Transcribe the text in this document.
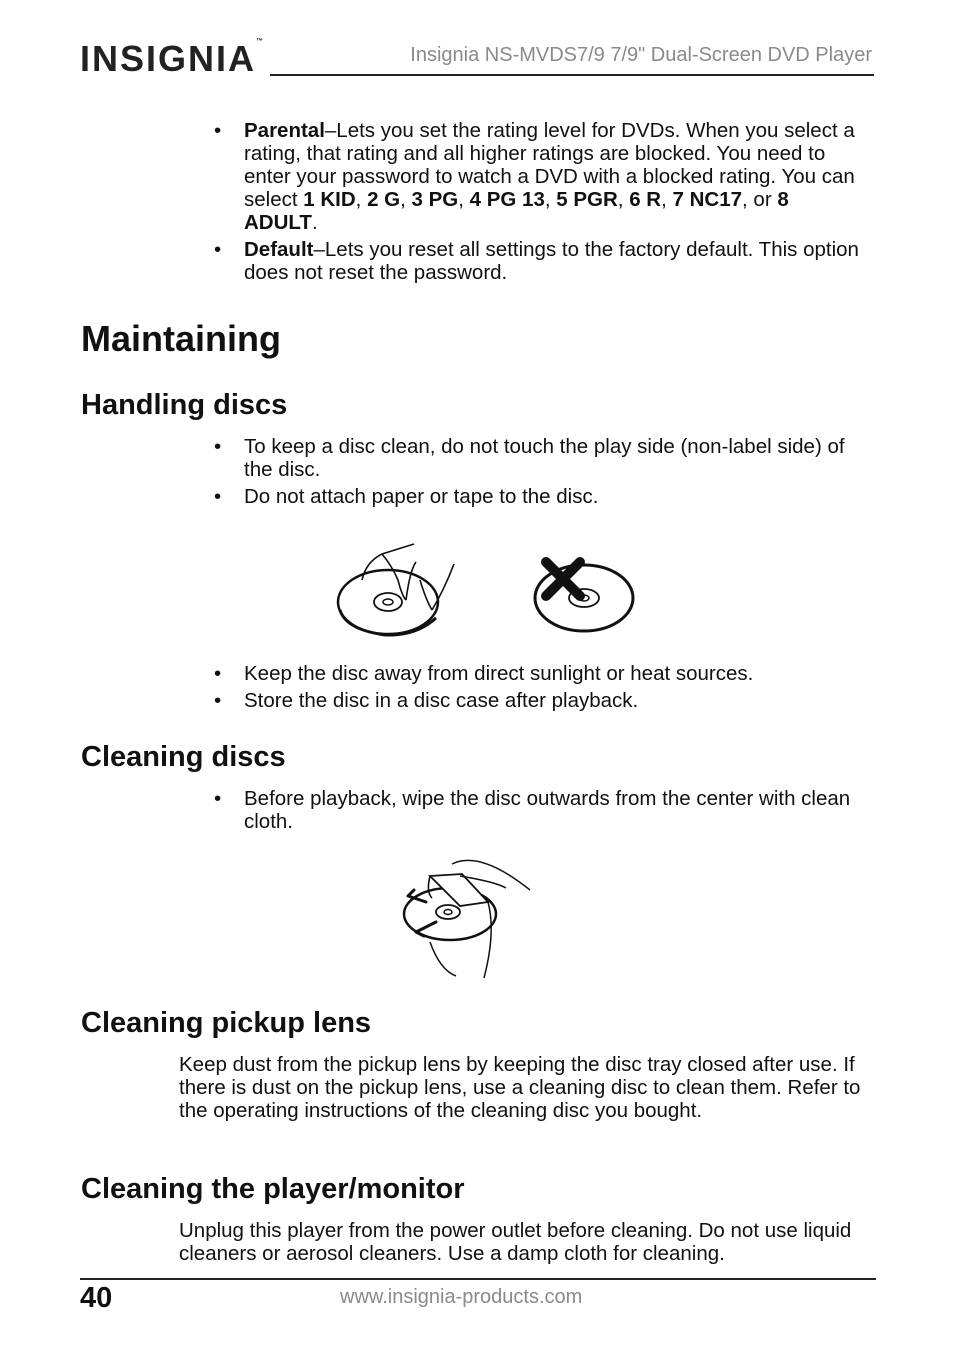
INSIGNIA™
Insignia NS-MVDS7/9 7/9" Dual-Screen DVD Player
• Parental–Lets you set the rating level for DVDs. When you select a rating, that rating and all higher ratings are blocked. You need to enter your password to watch a DVD with a blocked rating. You can select 1 KID, 2 G, 3 PG, 4 PG 13, 5 PGR, 6 R, 7 NC17, or 8 ADULT.
• Default–Lets you reset all settings to the factory default. This option does not reset the password.
Maintaining
Handling discs
• To keep a disc clean, do not touch the play side (non-label side) of the disc.
• Do not attach paper or tape to the disc.
• Keep the disc away from direct sunlight or heat sources.
• Store the disc in a disc case after playback.
Cleaning discs
• Before playback, wipe the disc outwards from the center with clean cloth.
Cleaning pickup lens

Keep dust from the pickup lens by keeping the disc tray closed after use. If there is dust on the pickup lens, use a cleaning disc to clean them. Refer to the operating instructions of the cleaning disc you bought.

Cleaning the player/monitor

Unplug this player from the power outlet before cleaning. Do not use liquid cleaners or aerosol cleaners. Use a damp cloth for cleaning.

40	www.insignia-products.com
